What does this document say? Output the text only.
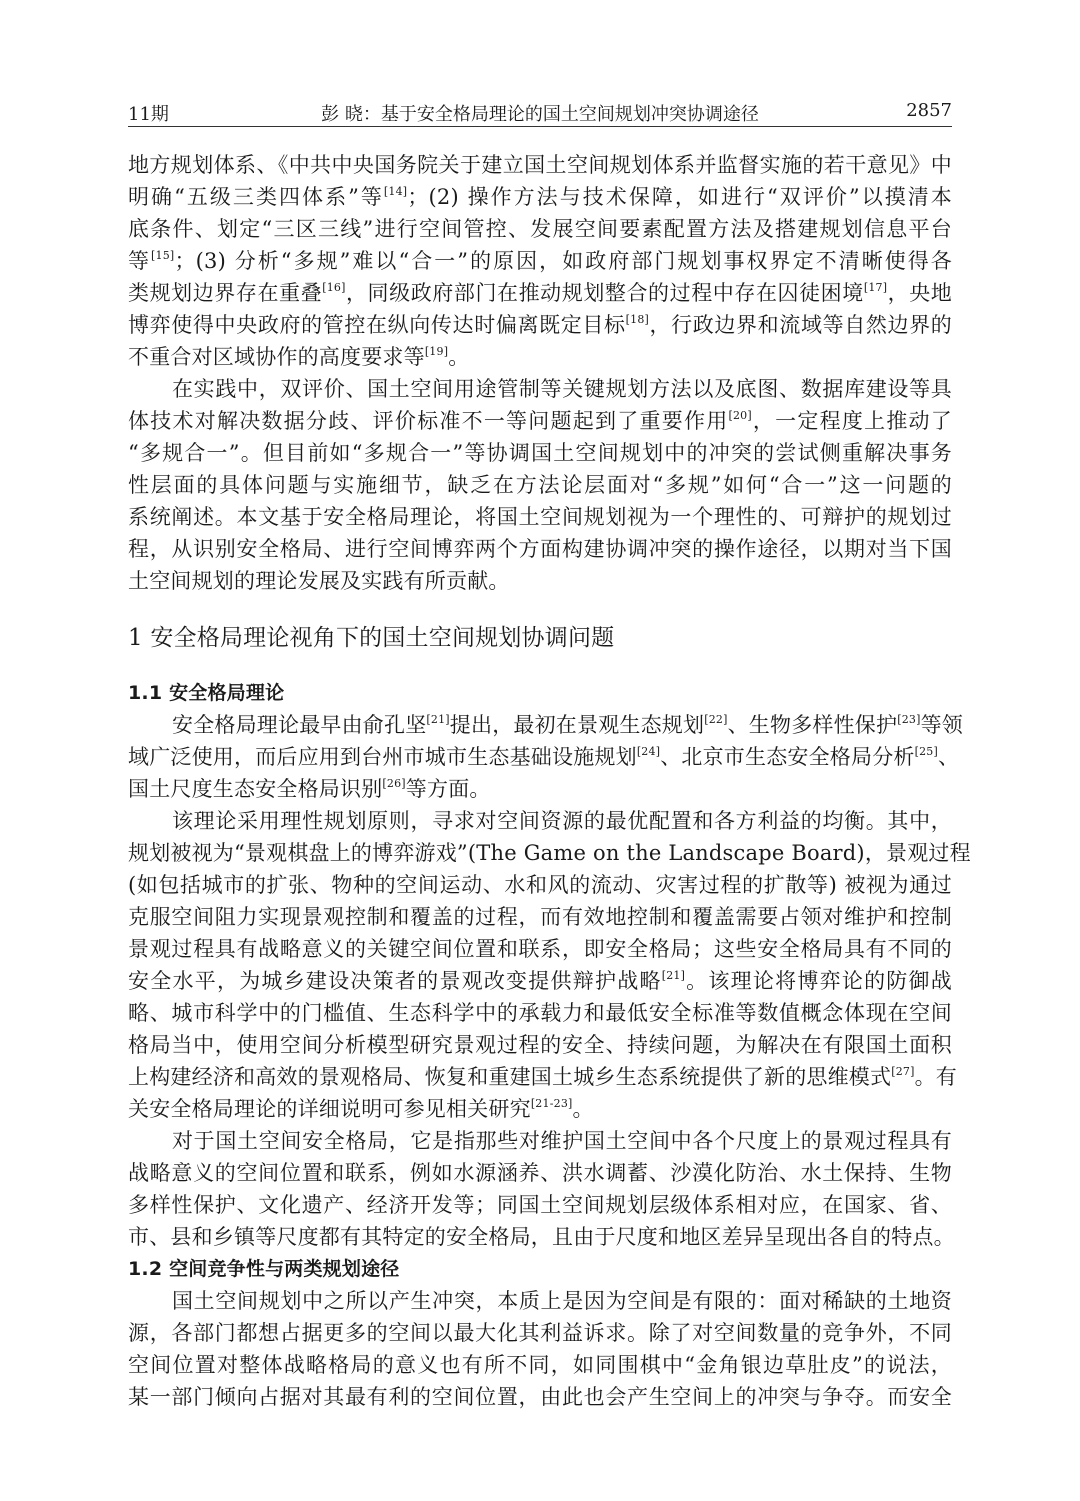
11期	彭 晓：基于安全格局理论的国土空间规划冲突协调途径	2857
地方规划体系、《中共中央国务院关于建立国土空间规划体系并监督实施的若干意见》中
明确“五级三类四体系”等[14]；(2) 操作方法与技术保障，如进行“双评价”以摸清本
底条件、划定“三区三线”进行空间管控、发展空间要素配置方法及搭建规划信息平台
等[15]；(3) 分析“多规”难以“合一”的原因，如政府部门规划事权界定不清晰使得各
类规划边界存在重叠[16]，同级政府部门在推动规划整合的过程中存在囚徒困境[17]，央地
博弈使得中央政府的管控在纵向传达时偏离既定目标[18]，行政边界和流域等自然边界的
不重合对区域协作的高度要求等[19]。
在实践中，双评价、国土空间用途管制等关键规划方法以及底图、数据库建设等具
体技术对解决数据分歧、评价标准不一等问题起到了重要作用[20]，一定程度上推动了
“多规合一”。但目前如“多规合一”等协调国土空间规划中的冲突的尝试侧重解决事务
性层面的具体问题与实施细节，缺乏在方法论层面对“多规”如何“合一”这一问题的
系统阐述。本文基于安全格局理论，将国土空间规划视为一个理性的、可辩护的规划过
程，从识别安全格局、进行空间博弈两个方面构建协调冲突的操作途径，以期对当下国
土空间规划的理论发展及实践有所贡献。
1 安全格局理论视角下的国土空间规划协调问题
1.1 安全格局理论
安全格局理论最早由俞孔坚[21]提出，最初在景观生态规划[22]、生物多样性保护[23]等领
域广泛使用，而后应用到台州市城市生态基础设施规划[24]、北京市生态安全格局分析[25]、
国土尺度生态安全格局识别[26]等方面。
该理论采用理性规划原则，寻求对空间资源的最优配置和各方利益的均衡。其中，
规划被视为“景观棋盘上的博弈游戏”(The Game on the Landscape Board)，景观过程
(如包括城市的扩张、物种的空间运动、水和风的流动、灾害过程的扩散等) 被视为通过
克服空间阻力实现景观控制和覆盖的过程，而有效地控制和覆盖需要占领对维护和控制
景观过程具有战略意义的关键空间位置和联系，即安全格局；这些安全格局具有不同的
安全水平，为城乡建设决策者的景观改变提供辩护战略[21]。该理论将博弈论的防御战
略、城市科学中的门槛值、生态科学中的承载力和最低安全标准等数值概念体现在空间
格局当中，使用空间分析模型研究景观过程的安全、持续问题，为解决在有限国土面积
上构建经济和高效的景观格局、恢复和重建国土城乡生态系统提供了新的思维模式[27]。有
关安全格局理论的详细说明可参见相关研究[21-23]。
对于国土空间安全格局，它是指那些对维护国土空间中各个尺度上的景观过程具有
战略意义的空间位置和联系，例如水源涵养、洪水调蓄、沙漠化防治、水土保持、生物
多样性保护、文化遗产、经济开发等；同国土空间规划层级体系相对应，在国家、省、
市、县和乡镇等尺度都有其特定的安全格局，且由于尺度和地区差异呈现出各自的特点。
1.2 空间竞争性与两类规划途径
国土空间规划中之所以产生冲突，本质上是因为空间是有限的：面对稀缺的土地资
源，各部门都想占据更多的空间以最大化其利益诉求。除了对空间数量的竞争外，不同
空间位置对整体战略格局的意义也有所不同，如同围棋中“金角银边草肚皮”的说法，
某一部门倾向占据对其最有利的空间位置，由此也会产生空间上的冲突与争夺。而安全
